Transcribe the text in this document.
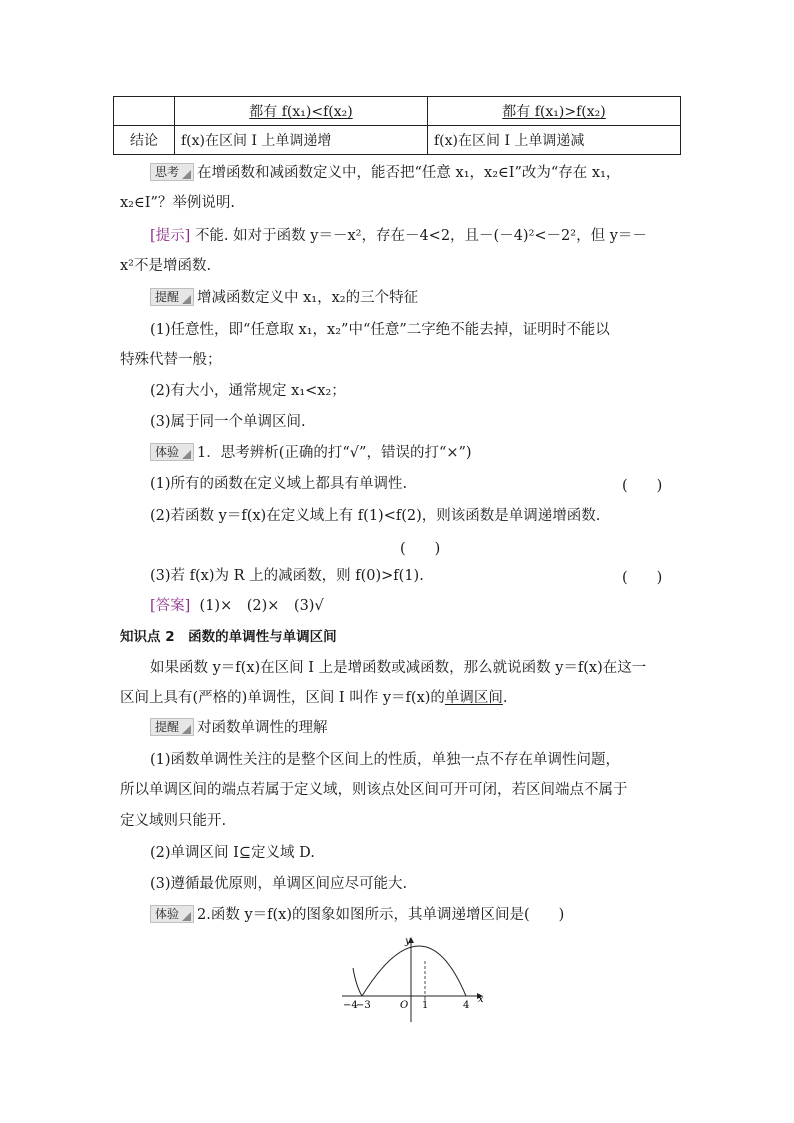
	都有 f(x₁)<f(x₂)	都有 f(x₁)>f(x₂)
结论	f(x)在区间 I 上单调递增	f(x)在区间 I 上单调递减
思考 在增函数和减函数定义中，能否把“任意 x₁，x₂∈I”改为“存在 x₁，
x₂∈I”？举例说明.
[提示] 不能. 如对于函数 y＝－x²，存在－4<2，且－(－4)²<－2²，但 y＝－
x²不是增函数.
提醒 增减函数定义中 x₁，x₂的三个特征
(1)任意性，即“任意取 x₁，x₂”中“任意”二字绝不能去掉，证明时不能以
特殊代替一般；
(2)有大小，通常规定 x₁<x₂；
(3)属于同一个单调区间.
体验 1．思考辨析(正确的打“√”，错误的打“×”)
(1)所有的函数在定义域上都具有单调性.	(　　)
(2)若函数 y＝f(x)在定义域上有 f(1)<f(2)，则该函数是单调递增函数.
(　　)
(3)若 f(x)为 R 上的减函数，则 f(0)>f(1).	(　　)
[答案] (1)×　(2)×　(3)√
知识点 2　函数的单调性与单调区间
如果函数 y＝f(x)在区间 I 上是增函数或减函数，那么就说函数 y＝f(x)在这一
区间上具有(严格的)单调性，区间 I 叫作 y＝f(x)的单调区间.
提醒 对函数单调性的理解
(1)函数单调性关注的是整个区间上的性质，单独一点不存在单调性问题，
所以单调区间的端点若属于定义域，则该点处区间可开可闭，若区间端点不属于
定义域则只能开.
(2)单调区间 I⊆定义域 D.
(3)遵循最优原则，单调区间应尽可能大.
体验 2.函数 y＝f(x)的图象如图所示，其单调递增区间是(　　)
y
x
O
−4
−3	1	4
